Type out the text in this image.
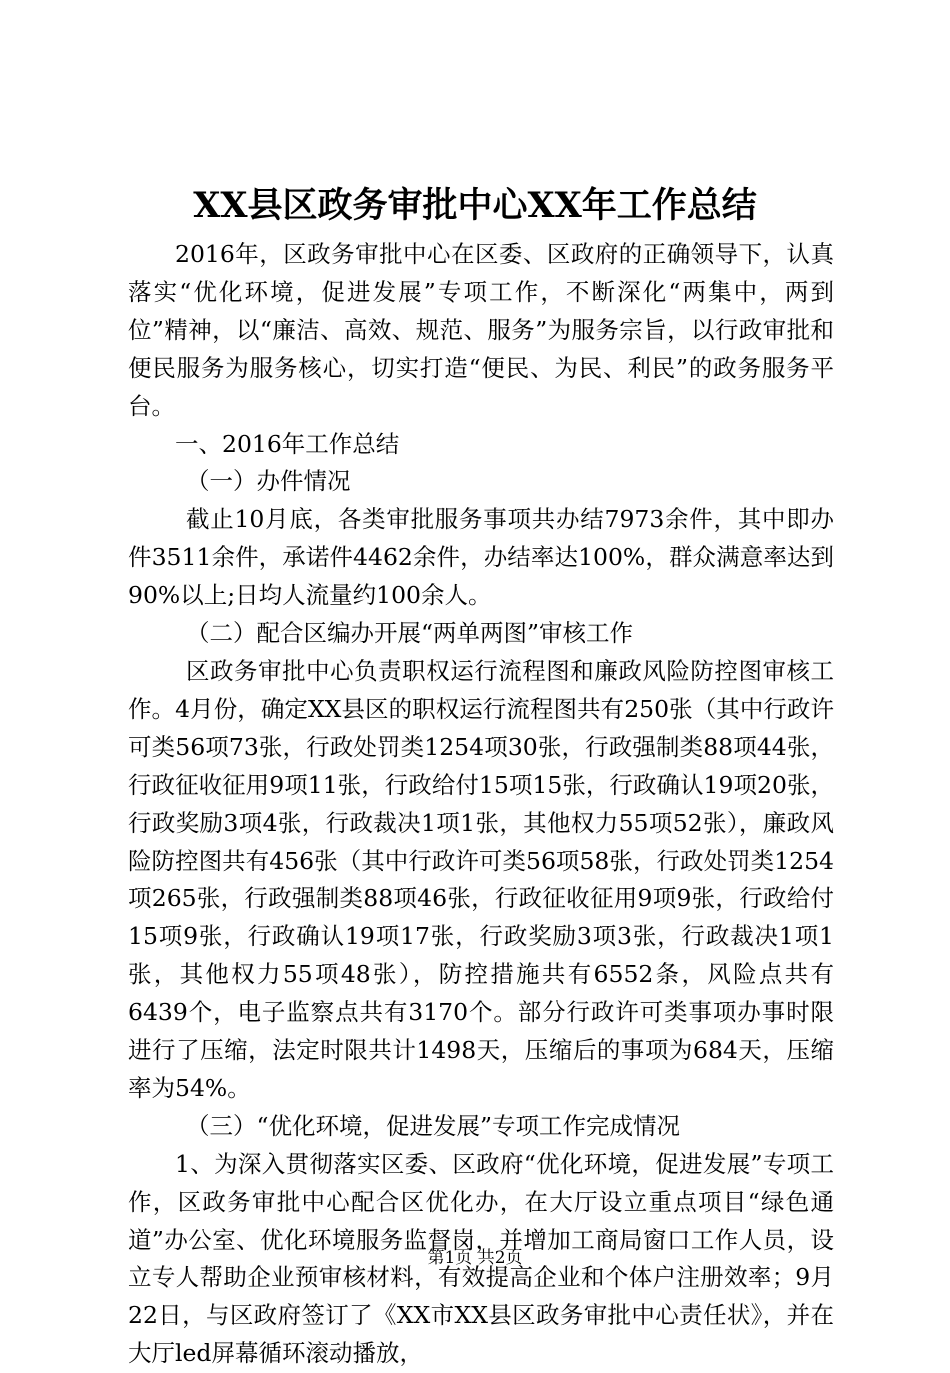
XX县区政务审批中心XX年工作总结

2016年，区政务审批中心在区委、区政府的正确领导下，认真落实“优化环境，促进发展”专项工作，不断深化“两集中，两到位”精神，以“廉洁、高效、规范、服务”为服务宗旨，以行政审批和便民服务为服务核心，切实打造“便民、为民、利民”的政务服务平台。

一、2016年工作总结

（一）办件情况

截止10月底，各类审批服务事项共办结7973余件，其中即办件3511余件，承诺件4462余件，办结率达100%，群众满意率达到90%以上;日均人流量约100余人。

（二）配合区编办开展“两单两图”审核工作

区政务审批中心负责职权运行流程图和廉政风险防控图审核工作。4月份，确定XX县区的职权运行流程图共有250张（其中行政许可类56项73张，行政处罚类1254项30张，行政强制类88项44张，行政征收征用9项11张，行政给付15项15张，行政确认19项20张，行政奖励3项4张，行政裁决1项1张，其他权力55项52张），廉政风险防控图共有456张（其中行政许可类56项58张，行政处罚类1254项265张，行政强制类88项46张，行政征收征用9项9张，行政给付15项9张，行政确认19项17张，行政奖励3项3张，行政裁决1项1张，其他权力55项48张），防控措施共有6552条，风险点共有6439个，电子监察点共有3170个。部分行政许可类事项办事时限进行了压缩，法定时限共计1498天，压缩后的事项为684天，压缩率为54%。

（三）“优化环境，促进发展”专项工作完成情况

1、为深入贯彻落实区委、区政府“优化环境，促进发展”专项工作，区政务审批中心配合区优化办，在大厅设立重点项目“绿色通道”办公室、优化环境服务监督岗，并增加工商局窗口工作人员，设立专人帮助企业预审核材料，有效提高企业和个体户注册效率；9月22日，与区政府签订了《XX市XX县区政务审批中心责任状》，并在大厅led屏幕循环滚动播放，

第1页 共2页
